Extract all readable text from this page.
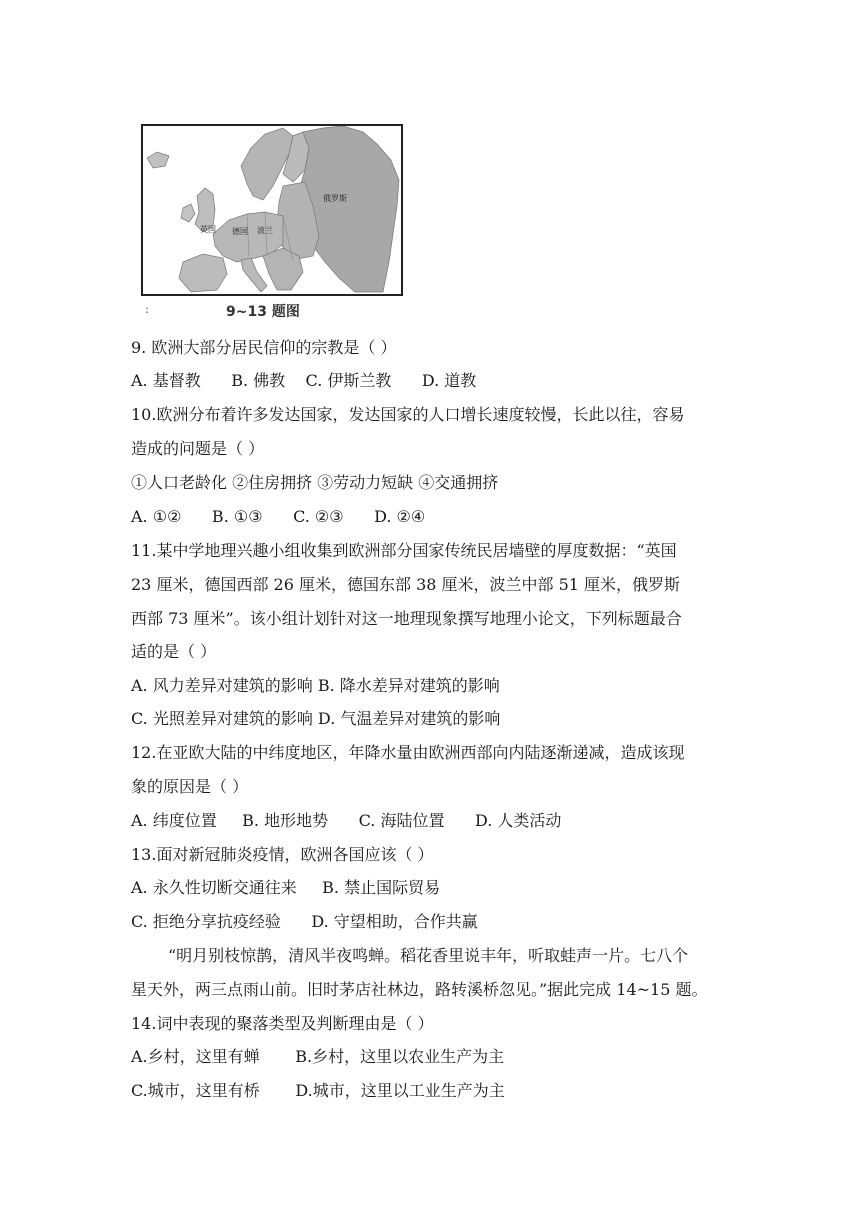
英国 德国 波兰
俄罗斯
:	9~13 题图
9. 欧洲大部分居民信仰的宗教是（ ）
A. 基督教      B. 佛教    C. 伊斯兰教      D. 道教
10.欧洲分布着许多发达国家，发达国家的人口增长速度较慢，长此以往，容易
造成的问题是（ ）
①人口老龄化 ②住房拥挤 ③劳动力短缺 ④交通拥挤
A. ①②      B. ①③      C. ②③      D. ②④
11.某中学地理兴趣小组收集到欧洲部分国家传统民居墙壁的厚度数据：“英国
23 厘米，德国西部 26 厘米，德国东部 38 厘米，波兰中部 51 厘米，俄罗斯
西部 73 厘米”。该小组计划针对这一地理现象撰写地理小论文，下列标题最合
适的是（ ）
A. 风力差异对建筑的影响 B. 降水差异对建筑的影响
C. 光照差异对建筑的影响 D. 气温差异对建筑的影响
12.在亚欧大陆的中纬度地区，年降水量由欧洲西部向内陆逐渐递减，造成该现
象的原因是（ ）
A. 纬度位置     B. 地形地势      C. 海陆位置      D. 人类活动
13.面对新冠肺炎疫情，欧洲各国应该（ ）
A. 永久性切断交通往来     B. 禁止国际贸易
C. 拒绝分享抗疫经验      D. 守望相助，合作共赢
“明月别枝惊鹊，清风半夜鸣蝉。稻花香里说丰年，听取蛙声一片。七八个
星天外，两三点雨山前。旧时茅店社林边，路转溪桥忽见。”据此完成 14~15 题。
14.词中表现的聚落类型及判断理由是（ ）
A.乡村，这里有蝉       B.乡村，这里以农业生产为主
C.城市，这里有桥       D.城市，这里以工业生产为主
